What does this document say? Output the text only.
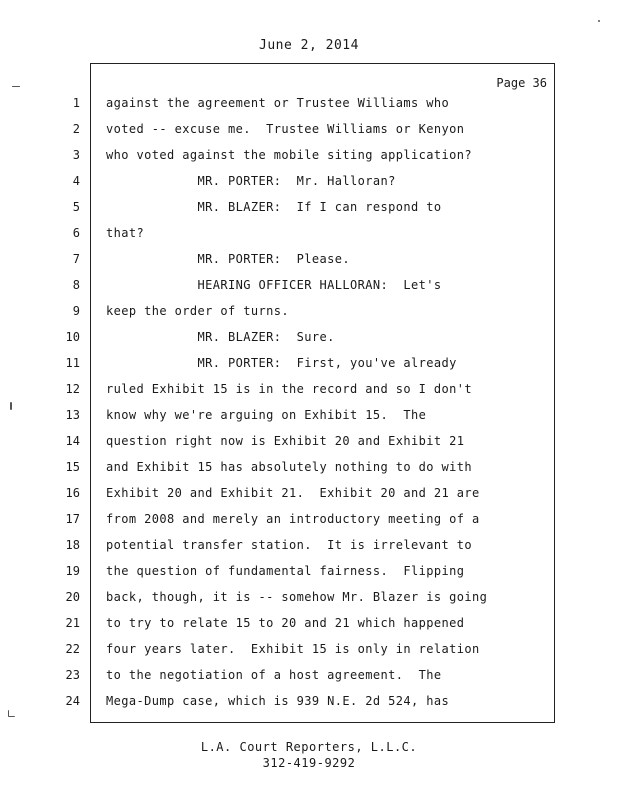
June 2, 2014
Page 36
1 against the agreement or Trustee Williams who
2 voted -- excuse me.  Trustee Williams or Kenyon
3 who voted against the mobile siting application?
4 MR. PORTER:  Mr. Halloran?
5 MR. BLAZER:  If I can respond to
6 that?
7 MR. PORTER:  Please.
8 HEARING OFFICER HALLORAN:  Let's
9 keep the order of turns.
10 MR. BLAZER:  Sure.
11 MR. PORTER:  First, you've already
12 ruled Exhibit 15 is in the record and so I don't
13 know why we're arguing on Exhibit 15.  The
14 question right now is Exhibit 20 and Exhibit 21
15 and Exhibit 15 has absolutely nothing to do with
16 Exhibit 20 and Exhibit 21.  Exhibit 20 and 21 are
17 from 2008 and merely an introductory meeting of a
18 potential transfer station.  It is irrelevant to
19 the question of fundamental fairness.  Flipping
20 back, though, it is -- somehow Mr. Blazer is going
21 to try to relate 15 to 20 and 21 which happened
22 four years later.  Exhibit 15 is only in relation
23 to the negotiation of a host agreement.  The
24 Mega-Dump case, which is 939 N.E. 2d 524, has
L.A. Court Reporters, L.L.C.
312-419-9292
